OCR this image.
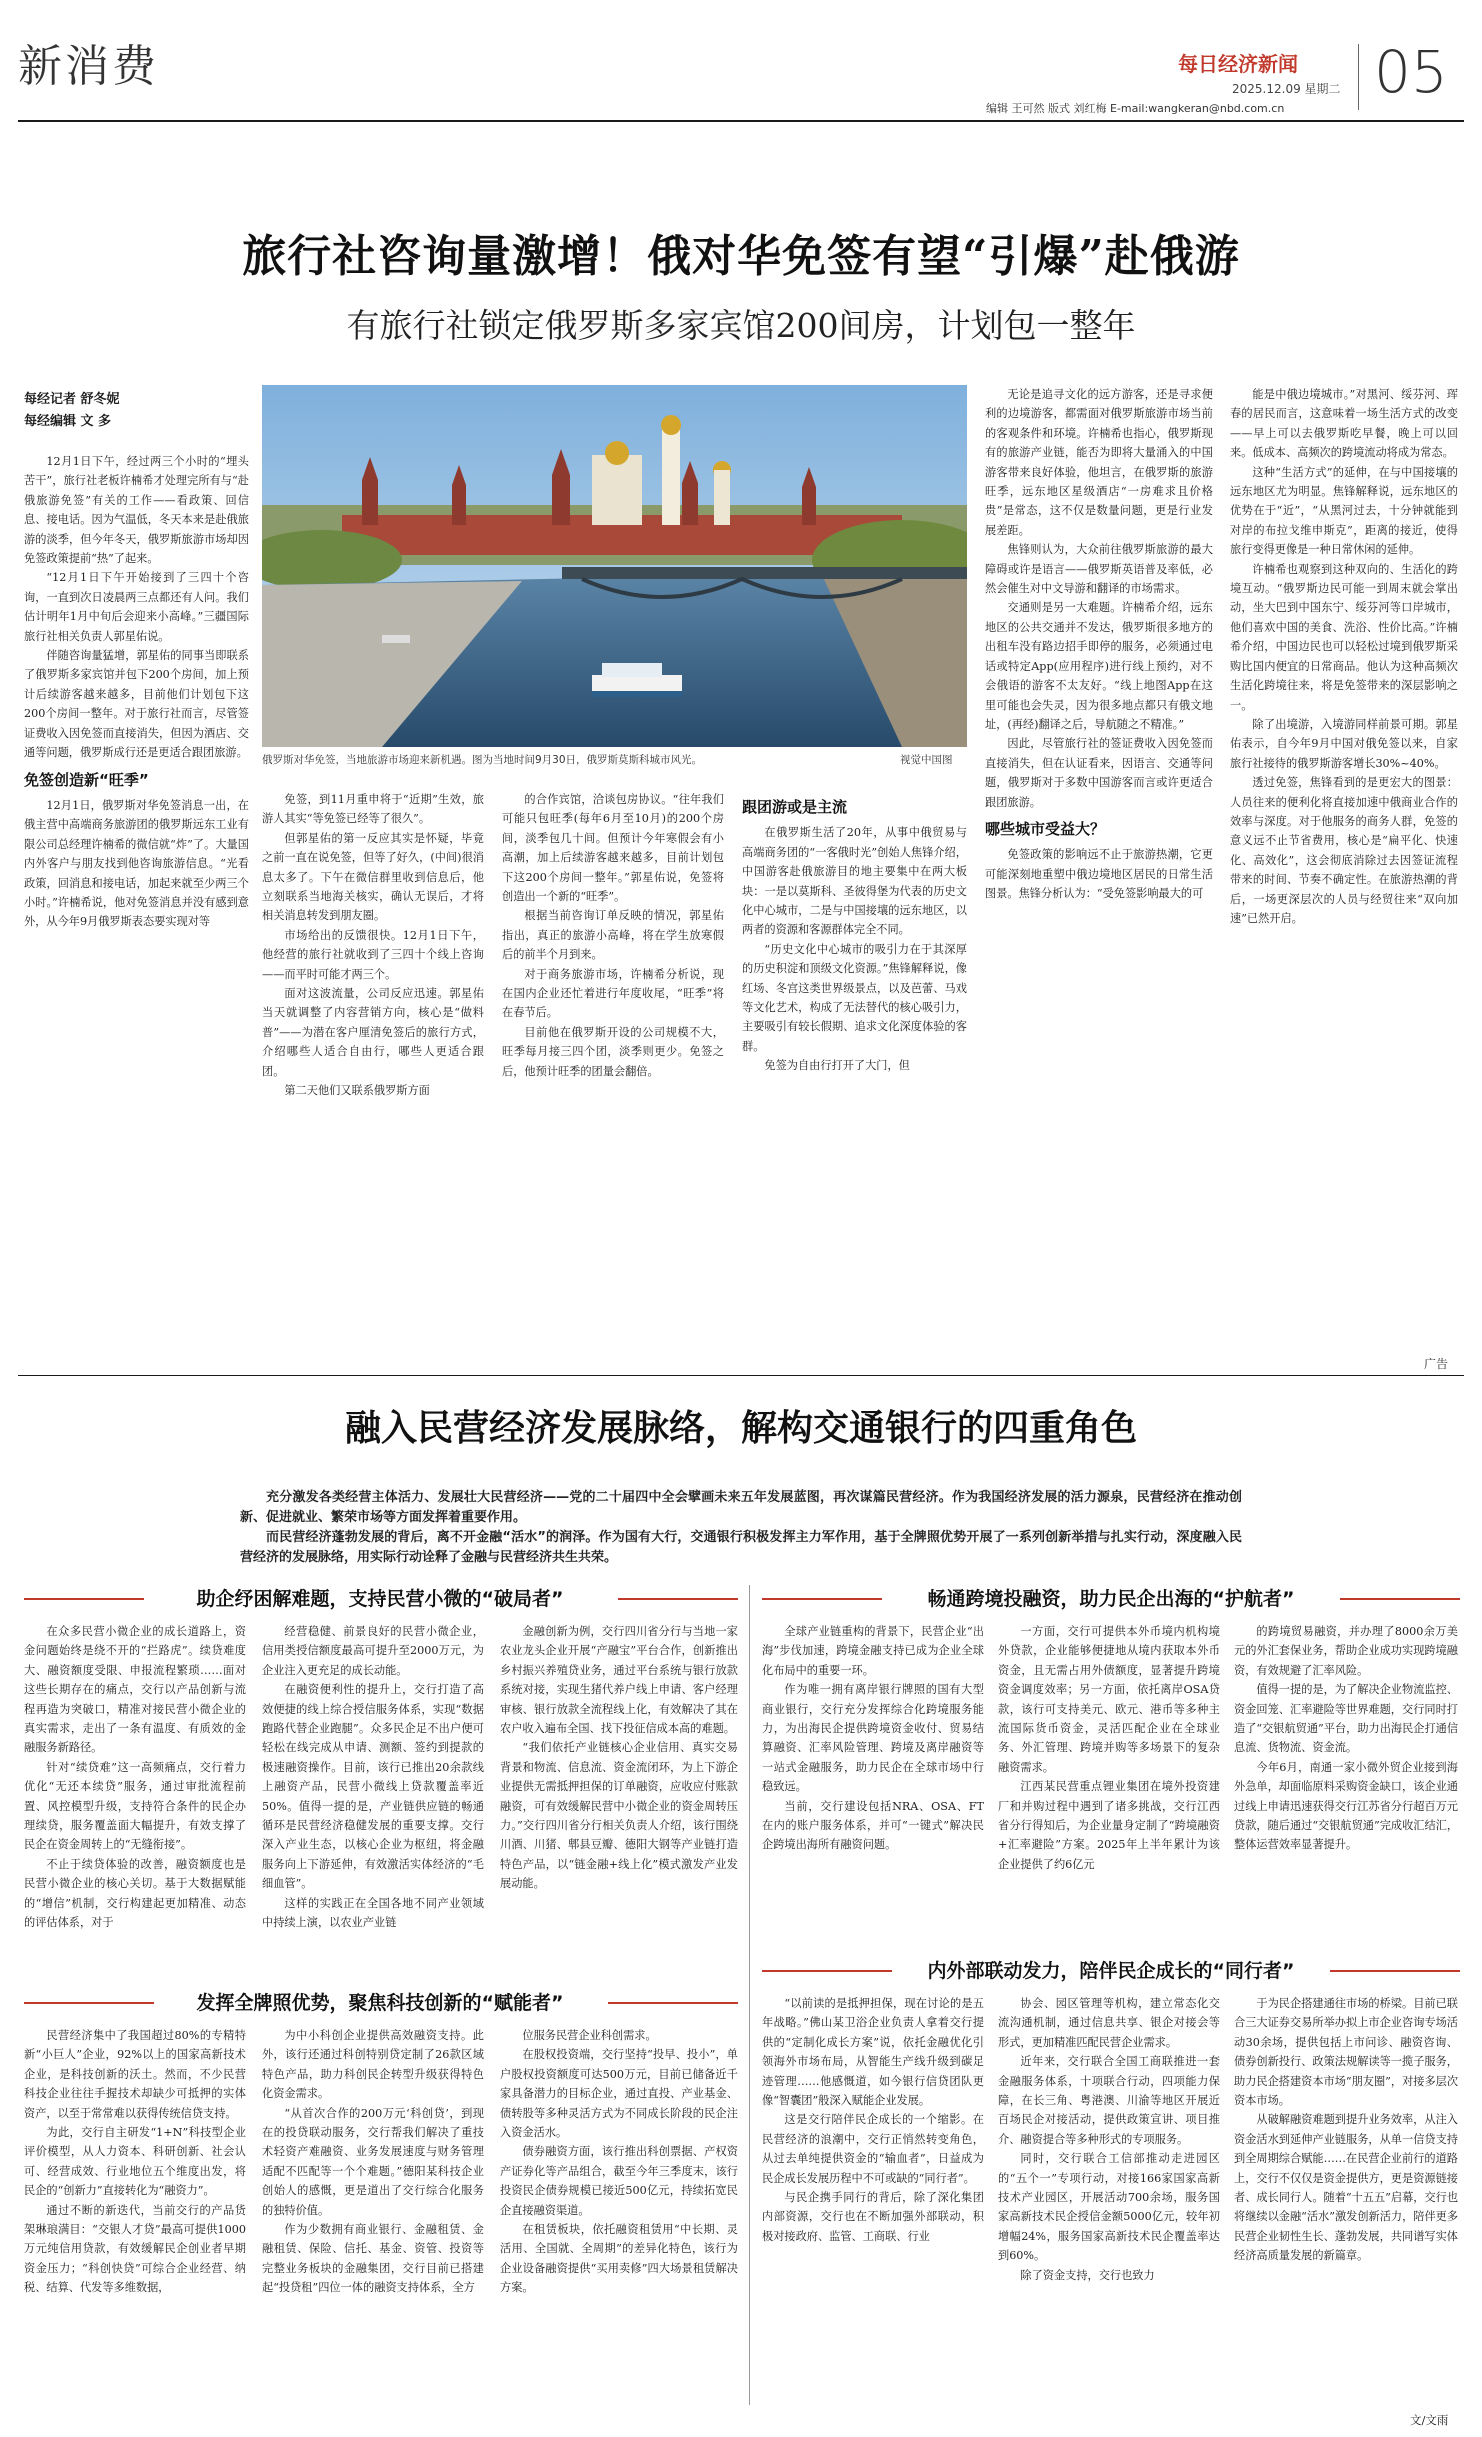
新消费	每日经济新闻
2025.12.09 星期二 05
编辑 王可然 版式 刘红梅 E-mail:wangkeran@nbd.com.cn
旅行社咨询量激增！俄对华免签有望“引爆”赴俄游
有旅行社锁定俄罗斯多家宾馆200间房，计划包一整年
每经记者 舒冬妮
每经编辑 文 多
俄罗斯对华免签，当地旅游市场迎来新机遇。图为当地时间9月30日，俄罗斯莫斯科城市风光。	视觉中国图

12月1日下午，经过两三个小时的“埋头苦干”，旅行社老板许楠希才处理完所有与“赴俄旅游免签”有关的工作——看政策、回信息、接电话。因为气温低，冬天本来是赴俄旅游的淡季，但今年冬天，俄罗斯旅游市场却因免签政策提前“热”了起来。

“12月1日下午开始接到了三四十个咨询，一直到次日凌晨两三点都还有人问。我们估计明年1月中旬后会迎来小高峰。”三疆国际旅行社相关负责人郭星佑说。

伴随咨询量猛增，郭星佑的同事当即联系了俄罗斯多家宾馆并包下200个房间，加上预计后续游客越来越多，目前他们计划包下这200个房间一整年。对于旅行社而言，尽管签证费收入因免签而直接消失，但因为酒店、交通等问题，俄罗斯成行还是更适合跟团旅游。

免签创造新“旺季”

12月1日，俄罗斯对华免签消息一出，在俄主营中高端商务旅游团的俄罗斯远东工业有限公司总经理许楠希的微信就“炸”了。大量国内外客户与朋友找到他咨询旅游信息。“光看政策，回消息和接电话，加起来就至少两三个小时。”许楠希说，他对免签消息并没有感到意外，从今年9月俄罗斯表态要实现对等

免签，到11月重申将于“近期”生效，旅游人其实“等免签已经等了很久”。

但郭星佑的第一反应其实是怀疑，毕竟之前一直在说免签，但等了好久，(中间)很消息太多了。下午在微信群里收到信息后，他立刻联系当地海关核实，确认无误后，才将相关消息转发到朋友圈。

市场给出的反馈很快。12月1日下午，他经营的旅行社就收到了三四十个线上咨询——而平时可能才两三个。

面对这波流量，公司反应迅速。郭星佑当天就调整了内容营销方向，核心是“做料普”——为潜在客户厘清免签后的旅行方式，介绍哪些人适合自由行，哪些人更适合跟团。

第二天他们又联系俄罗斯方面

的合作宾馆，洽谈包房协议。“往年我们可能只包旺季(每年6月至10月)的200个房间，淡季包几十间。但预计今年寒假会有小高潮，加上后续游客越来越多，目前计划包下这200个房间一整年。”郭星佑说，免签将创造出一个新的“旺季”。

根据当前咨询订单反映的情况，郭星佑指出，真正的旅游小高峰，将在学生放寒假后的前半个月到来。

对于商务旅游市场，许楠希分析说，现在国内企业还忙着进行年度收尾，“旺季”将在春节后。

目前他在俄罗斯开设的公司规模不大，旺季每月接三四个团，淡季则更少。免签之后，他预计旺季的团量会翻倍。

跟团游或是主流

在俄罗斯生活了20年，从事中俄贸易与高端商务团的“一客俄时光”创始人焦锋介绍，中国游客赴俄旅游目的地主要集中在两大板块：一是以莫斯科、圣彼得堡为代表的历史文化中心城市，二是与中国接壤的远东地区，以两者的资源和客源群体完全不同。

“历史文化中心城市的吸引力在于其深厚的历史积淀和顶级文化资源。”焦锋解释说，像红场、冬宫这类世界级景点，以及芭蕾、马戏等文化艺术，构成了无法替代的核心吸引力，主要吸引有较长假期、追求文化深度体验的客群。

免签为自由行打开了大门，但

无论是追寻文化的远方游客，还是寻求便利的边境游客，都需面对俄罗斯旅游市场当前的客观条件和环境。许楠希也指心，俄罗斯现有的旅游产业链，能否为即将大量涌入的中国游客带来良好体验，他坦言，在俄罗斯的旅游旺季，远东地区星级酒店“一房难求且价格贵”是常态，这不仅是数量问题，更是行业发展差距。

焦锋则认为，大众前往俄罗斯旅游的最大障碍或许是语言——俄罗斯英语普及率低，必然会催生对中文导游和翻译的市场需求。

交通则是另一大难题。许楠希介绍，远东地区的公共交通并不发达，俄罗斯很多地方的出租车没有路边招手即停的服务，必须通过电话或特定App(应用程序)进行线上预约，对不会俄语的游客不太友好。“线上地图App在这里可能也会失灵，因为很多地点都只有俄文地址，(再经)翻译之后，导航随之不精准。”

因此，尽管旅行社的签证费收入因免签而直接消失，但在认证看来，因语言、交通等问题，俄罗斯对于多数中国游客而言或许更适合跟团旅游。

哪些城市受益大？

免签政策的影响远不止于旅游热潮，它更可能深刻地重塑中俄边境地区居民的日常生活图景。焦锋分析认为：“受免签影响最大的可

能是中俄边境城市。”对黑河、绥芬河、珲春的居民而言，这意味着一场生活方式的改变——早上可以去俄罗斯吃早餐，晚上可以回来。低成本、高频次的跨境流动将成为常态。

这种“生活方式”的延伸，在与中国接壤的远东地区尤为明显。焦锋解释说，远东地区的优势在于“近”，“从黑河过去，十分钟就能到对岸的布拉戈维申斯克”，距离的接近，使得旅行变得更像是一种日常休闲的延伸。

许楠希也观察到这种双向的、生活化的跨境互动。“俄罗斯边民可能一到周末就会掌出动，坐大巴到中国东宁、绥芬河等口岸城市，他们喜欢中国的美食、洗浴、性价比高。”许楠希介绍，中国边民也可以轻松过境到俄罗斯采购比国内便宜的日常商品。他认为这种高频次生活化跨境往来，将是免签带来的深层影响之一。

除了出境游，入境游同样前景可期。郭星佑表示，自今年9月中国对俄免签以来，自家旅行社接待的俄罗斯游客增长30%~40%。

透过免签，焦锋看到的是更宏大的图景：人员往来的便利化将直接加速中俄商业合作的效率与深度。对于他服务的商务人群，免签的意义远不止节省费用，核心是“扁平化、快速化、高效化”，这会彻底消除过去因签证流程带来的时间、节奏不确定性。在旅游热潮的背后，一场更深层次的人员与经贸往来“双向加速”已然开启。

广告
融入民营经济发展脉络，解构交通银行的四重角色
充分激发各类经营主体活力、发展壮大民营经济——党的二十届四中全会擘画未来五年发展蓝图，再次谋篇民营经济。作为我国经济发展的活力源泉，民营经济在推动创新、促进就业、繁荣市场等方面发挥着重要作用。
而民营经济蓬勃发展的背后，离不开金融“活水”的润泽。作为国有大行，交通银行积极发挥主力军作用，基于全牌照优势开展了一系列创新举措与扎实行动，深度融入民营经济的发展脉络，用实际行动诠释了金融与民营经济共生共荣。
助企纾困解难题，支持民营小微的“破局者”

在众多民营小微企业的成长道路上，资金问题始终是绕不开的“拦路虎”。续贷难度大、融资额度受限、申报流程繁琐……面对这些长期存在的痛点，交行以产品创新与流程再造为突破口，精准对接民营小微企业的真实需求，走出了一条有温度、有质效的金融服务新路径。

针对“续贷难”这一高频痛点，交行着力优化“无还本续贷”服务，通过审批流程前置、风控模型升级，支持符合条件的民企办理续贷，服务覆盖面大幅提升，有效支撑了民企在资金周转上的“无缝衔接”。

不止于续贷体验的改善，融资额度也是民营小微企业的核心关切。基于大数据赋能的“增信”机制，交行构建起更加精准、动态的评估体系，对于

经营稳健、前景良好的民营小微企业，信用类授信额度最高可提升至2000万元，为企业注入更充足的成长动能。

在融资便利性的提升上，交行打造了高效便捷的线上综合授信服务体系，实现“数据跑路代替企业跑腿”。众多民企足不出户便可轻松在线完成从申请、测额、签约到提款的极速融资操作。目前，该行已推出20余款线上融资产品，民营小微线上贷款覆盖率近50%。值得一提的是，产业链供应链的畅通循环是民营经济稳健发展的重要支撑。交行深入产业生态，以核心企业为枢纽，将金融服务向上下游延伸，有效激活实体经济的“毛细血管”。

这样的实践正在全国各地不同产业领域中持续上演，以农业产业链

金融创新为例，交行四川省分行与当地一家农业龙头企业开展“产融宝”平台合作，创新推出乡村振兴养殖贷业务，通过平台系统与银行放款系统对接，实现生猪代养户线上申请、客户经理审核、银行放款全流程线上化，有效解决了其在农户收入遍布全国、找下投征信成本高的难题。

“我们依托产业链核心企业信用、真实交易背景和物流、信息流、资金流闭环，为上下游企业提供无需抵押担保的订单融资，应收应付账款融资，可有效缓解民营中小微企业的资金周转压力。”交行四川省分行相关负责人介绍，该行围绕川酒、川猪、郫县豆瓣、德阳大钢等产业链打造特色产品，以“链金融+线上化”模式激发产业发展动能。

畅通跨境投融资，助力民企出海的“护航者”

全球产业链重构的背景下，民营企业“出海”步伐加速，跨境金融支持已成为企业全球化布局中的重要一环。

作为唯一拥有离岸银行牌照的国有大型商业银行，交行充分发挥综合化跨境服务能力，为出海民企提供跨境资金收付、贸易结算融资、汇率风险管理、跨境及离岸融资等一站式金融服务，助力民企在全球市场中行稳致远。

当前，交行建设包括NRA、OSA、FT在内的账户服务体系，并可“一键式”解决民企跨境出海所有融资问题。

一方面，交行可提供本外币境内机构境外贷款，企业能够便捷地从境内获取本外币资金，且无需占用外债额度，显著提升跨境资金调度效率；另一方面，依托离岸OSA贷款，该行可支持美元、欧元、港币等多种主流国际货币资金，灵活匹配企业在全球业务、外汇管理、跨境并购等多场景下的复杂融资需求。

江西某民营重点锂业集团在境外投资建厂和并购过程中遇到了诸多挑战，交行江西省分行得知后，为企业量身定制了“跨境融资+汇率避险”方案。2025年上半年累计为该企业提供了约6亿元

的跨境贸易融资，并办理了8000余万美元的外汇套保业务，帮助企业成功实现跨境融资，有效规避了汇率风险。

值得一提的是，为了解决企业物流监控、资金回笼、汇率避险等世界难题，交行同时打造了“交银航贸通”平台，助力出海民企打通信息流、货物流、资金流。

今年6月，南通一家小微外贸企业接到海外急单，却面临原料采购资金缺口，该企业通过线上申请迅速获得交行江苏省分行超百万元贷款，随后通过“交银航贸通”完成收汇结汇，整体运营效率显著提升。

发挥全牌照优势，聚焦科技创新的“赋能者”

民营经济集中了我国超过80%的专精特新“小巨人”企业，92%以上的国家高新技术企业，是科技创新的沃土。然而，不少民营科技企业往往手握技术却缺少可抵押的实体资产，以至于常常难以获得传统信贷支持。

为此，交行自主研发“1+N”科技型企业评价模型，从人力资本、科研创新、社会认可、经营成效、行业地位五个维度出发，将民企的“创新力”直接转化为“融资力”。

通过不断的新迭代，当前交行的产品货架琳琅满目：“交银人才贷”最高可提供1000万元纯信用贷款，有效缓解民企创业者早期资金压力；“科创快贷”可综合企业经营、纳税、结算、代发等多维数据，

为中小科创企业提供高效融资支持。此外，该行还通过科创特别贷定制了26款区域特色产品，助力科创民企转型升级获得特色化资金需求。

“从首次合作的200万元‘科创贷’，到现在的投贷联动服务，交行帮我们解决了重技术轻资产难融资、业务发展速度与财务管理适配不匹配等一个个难题。”德阳某科技企业创始人的感慨，更是道出了交行综合化服务的独特价值。

作为少数拥有商业银行、金融租赁、金融租赁、保险、信托、基金、资管、投资等完整业务板块的金融集团，交行目前已搭建起“投贷租”四位一体的融资支持体系，全方

位服务民营企业科创需求。

在股权投资端，交行坚持“投早、投小”，单户股权投资额度可达500万元，目前已储备近千家具备潜力的目标企业，通过直投、产业基金、债转股等多种灵活方式为不同成长阶段的民企注入资金活水。

债券融资方面，该行推出科创票据、产权资产证券化等产品组合，截至今年三季度末，该行投资民企债券规模已接近500亿元，持续拓宽民企直接融资渠道。

在租赁板块，依托融资租赁用“中长期、灵活用、全国就、全周期”的差异化特色，该行为企业设备融资提供“买用卖修”四大场景租赁解决方案。

内外部联动发力，陪伴民企成长的“同行者”

“以前读的是抵押担保，现在讨论的是五年战略。”佛山某卫浴企业负责人拿着交行提供的“定制化成长方案”说，依托金融优化引领海外市场布局，从智能生产线升级到碳足迹管理……他感慨道，如今银行信贷团队更像“智囊团”般深入赋能企业发展。

这是交行陪伴民企成长的一个缩影。在民营经济的浪潮中，交行正悄然转变角色，从过去单纯提供资金的“输血者”，日益成为民企成长发展历程中不可或缺的“同行者”。

与民企携手同行的背后，除了深化集团内部资源，交行也在不断加强外部联动，积极对接政府、监管、工商联、行业

协会、园区管理等机构，建立常态化交流沟通机制，通过信息共享、银企对接会等形式，更加精准匹配民营企业需求。

近年来，交行联合全国工商联推进一套金融服务体系，十项联合行动，四项能力保障，在长三角、粤港澳、川渝等地区开展近百场民企对接活动，提供政策宣讲、项目推介、融资提合等多种形式的专项服务。

同时，交行联合工信部推动走进园区的“五个一”专项行动，对接166家国家高新技术产业园区，开展活动700余场，服务国家高新技术民企授信金额5000亿元，较年初增幅24%，服务国家高新技术民企覆盖率达到60%。

除了资金支持，交行也致力

于为民企搭建通往市场的桥梁。目前已联合三大证券交易所举办拟上市企业咨询专场活动30余场，提供包括上市问诊、融资咨询、债券创新投行、政策法规解读等一揽子服务，助力民企搭建资本市场“朋友圈”，对接多层次资本市场。

从破解融资难题到提升业务效率，从注入资金活水到延伸产业链服务，从单一信贷支持到全周期综合赋能……在民营企业前行的道路上，交行不仅仅是资金提供方，更是资源链接者、成长同行人。随着“十五五”启幕，交行也将继续以金融“活水”激发创新活力，陪伴更多民营企业韧性生长、蓬勃发展，共同谱写实体经济高质量发展的新篇章。

文/文雨
